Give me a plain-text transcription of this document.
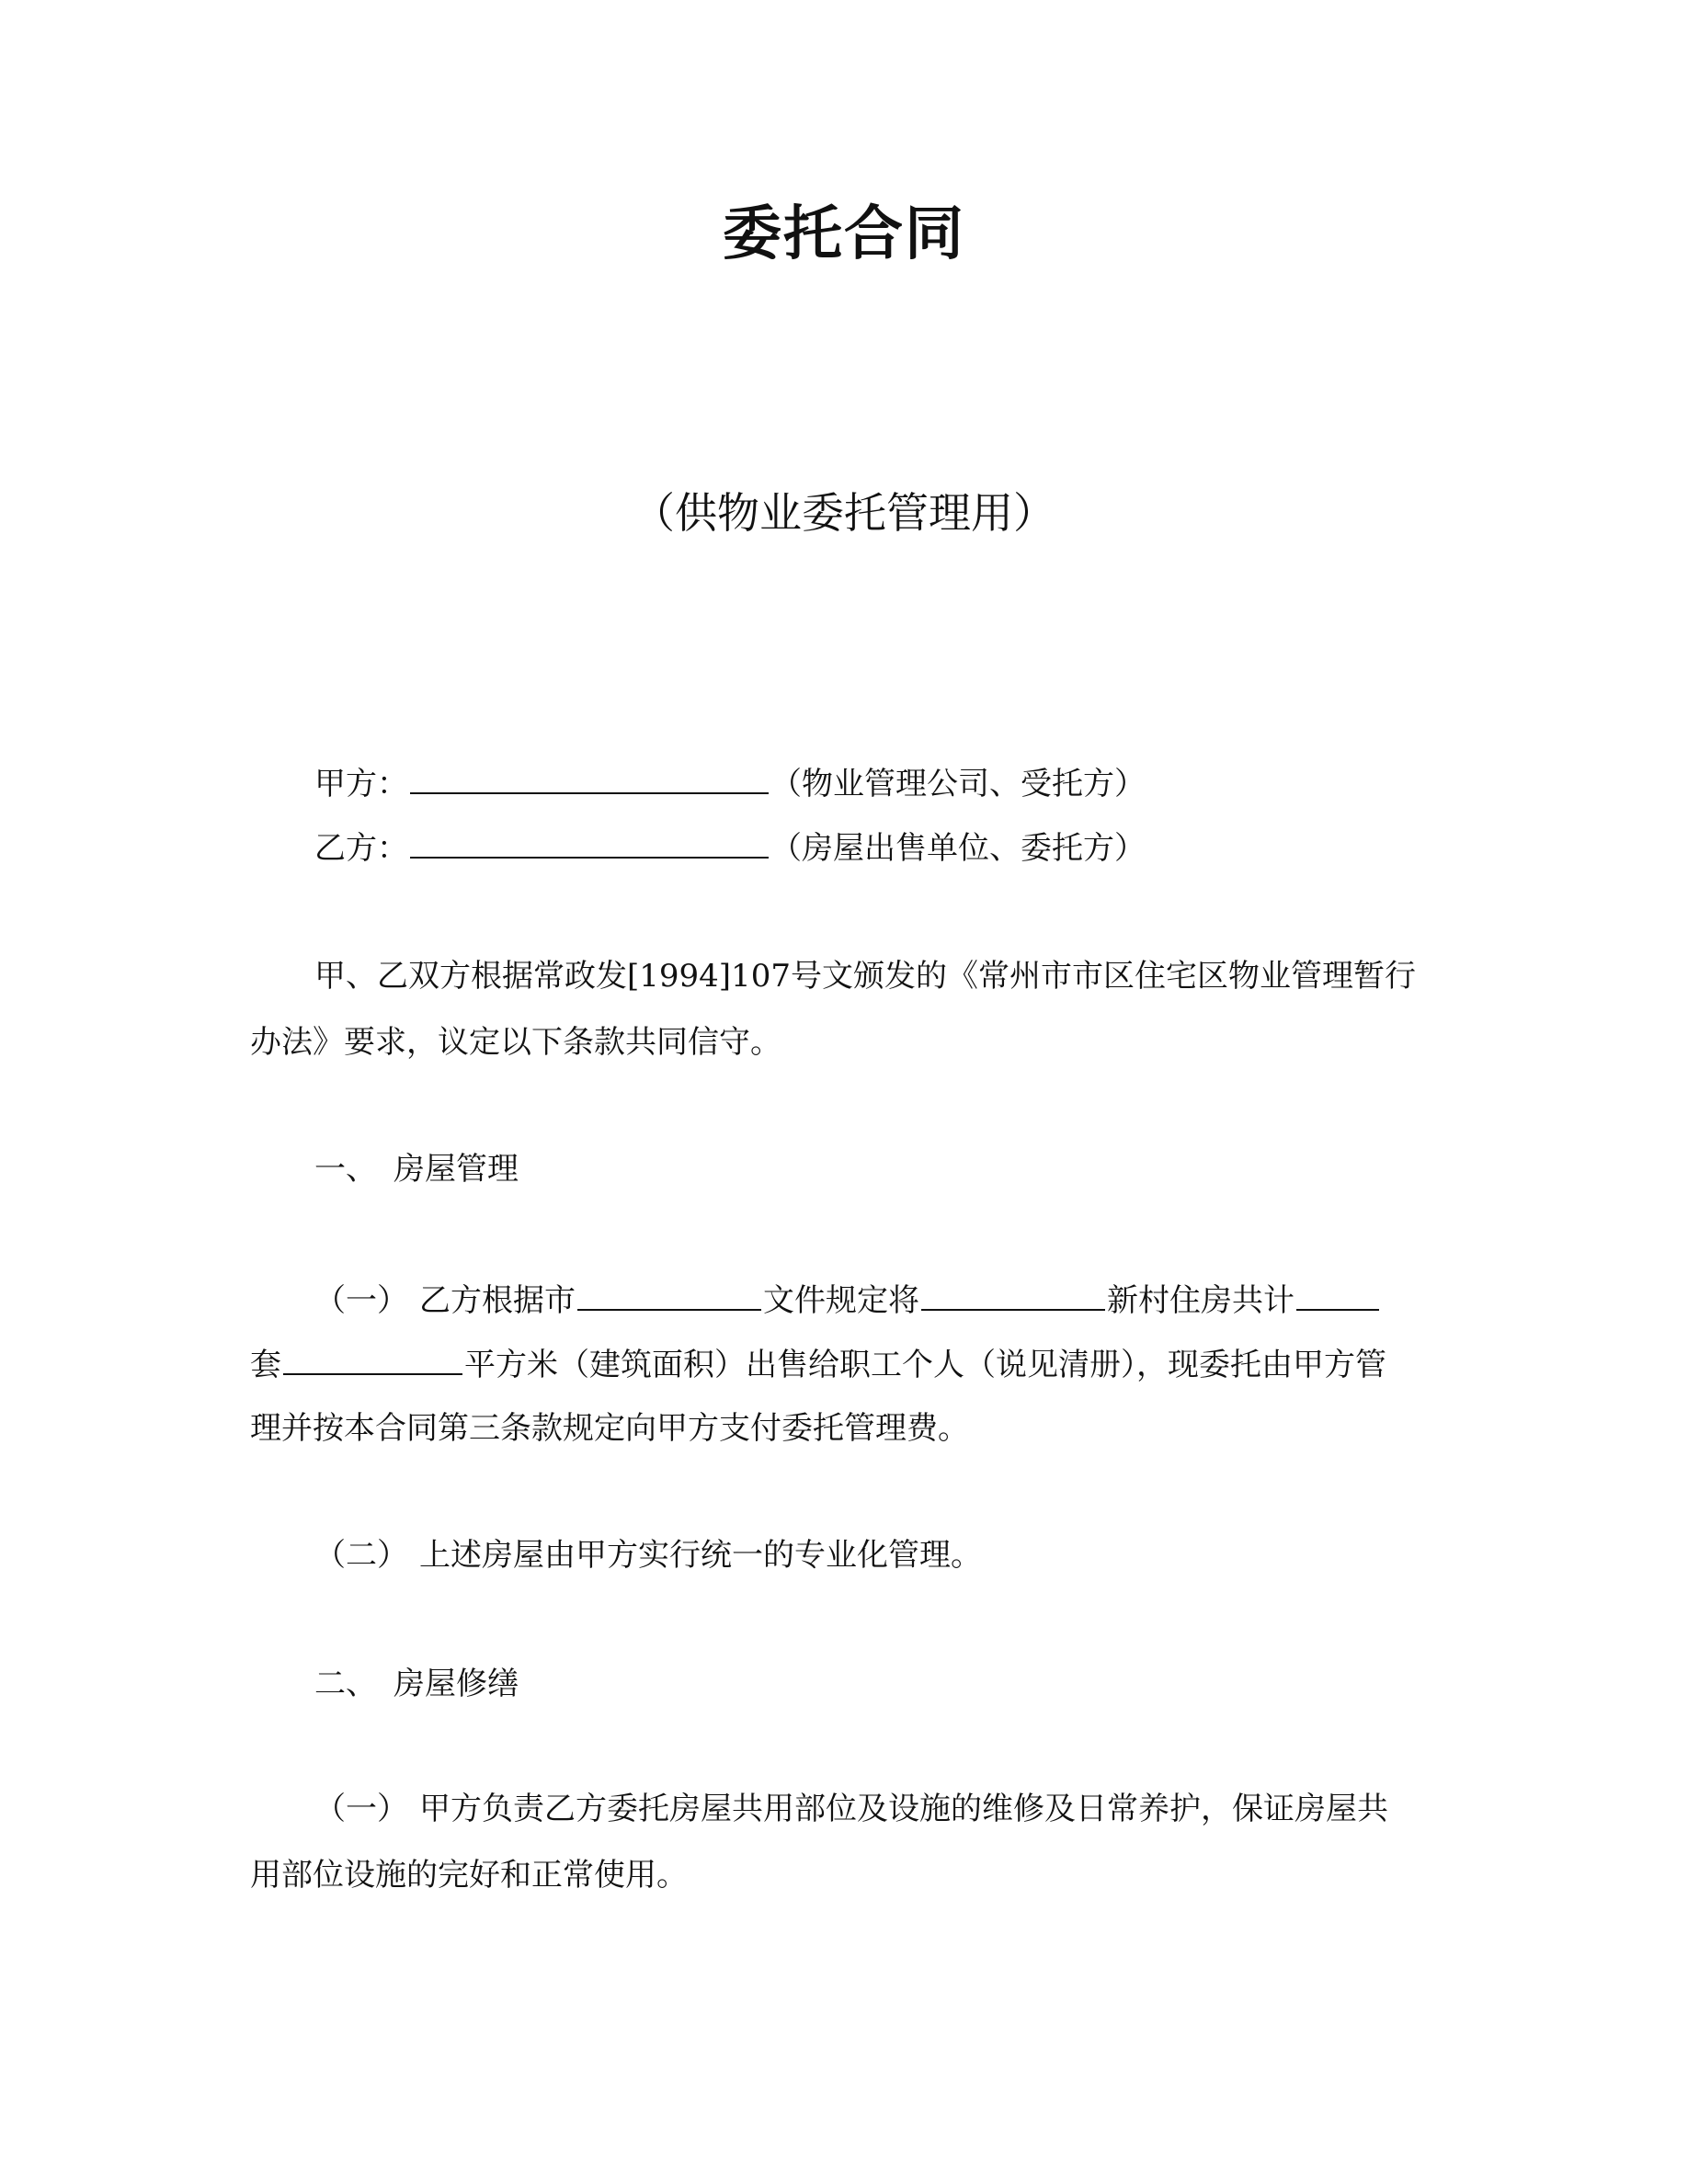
委托合同
（供物业委托管理用）
甲方：	（物业管理公司、受托方）
乙方：	（房屋出售单位、委托方）
甲、乙双方根据常政发[1994]107号文颁发的《常州市市区住宅区物业管理暂行
办法》要求，议定以下条款共同信守。
一、 房屋管理
（一） 乙方根据市	文件规定将	新村住房共计
套	平方米（建筑面积）出售给职工个人（说见清册），现委托由甲方管
理并按本合同第三条款规定向甲方支付委托管理费。
（二） 上述房屋由甲方实行统一的专业化管理。
二、 房屋修缮
（一） 甲方负责乙方委托房屋共用部位及设施的维修及日常养护，保证房屋共
用部位设施的完好和正常使用。
